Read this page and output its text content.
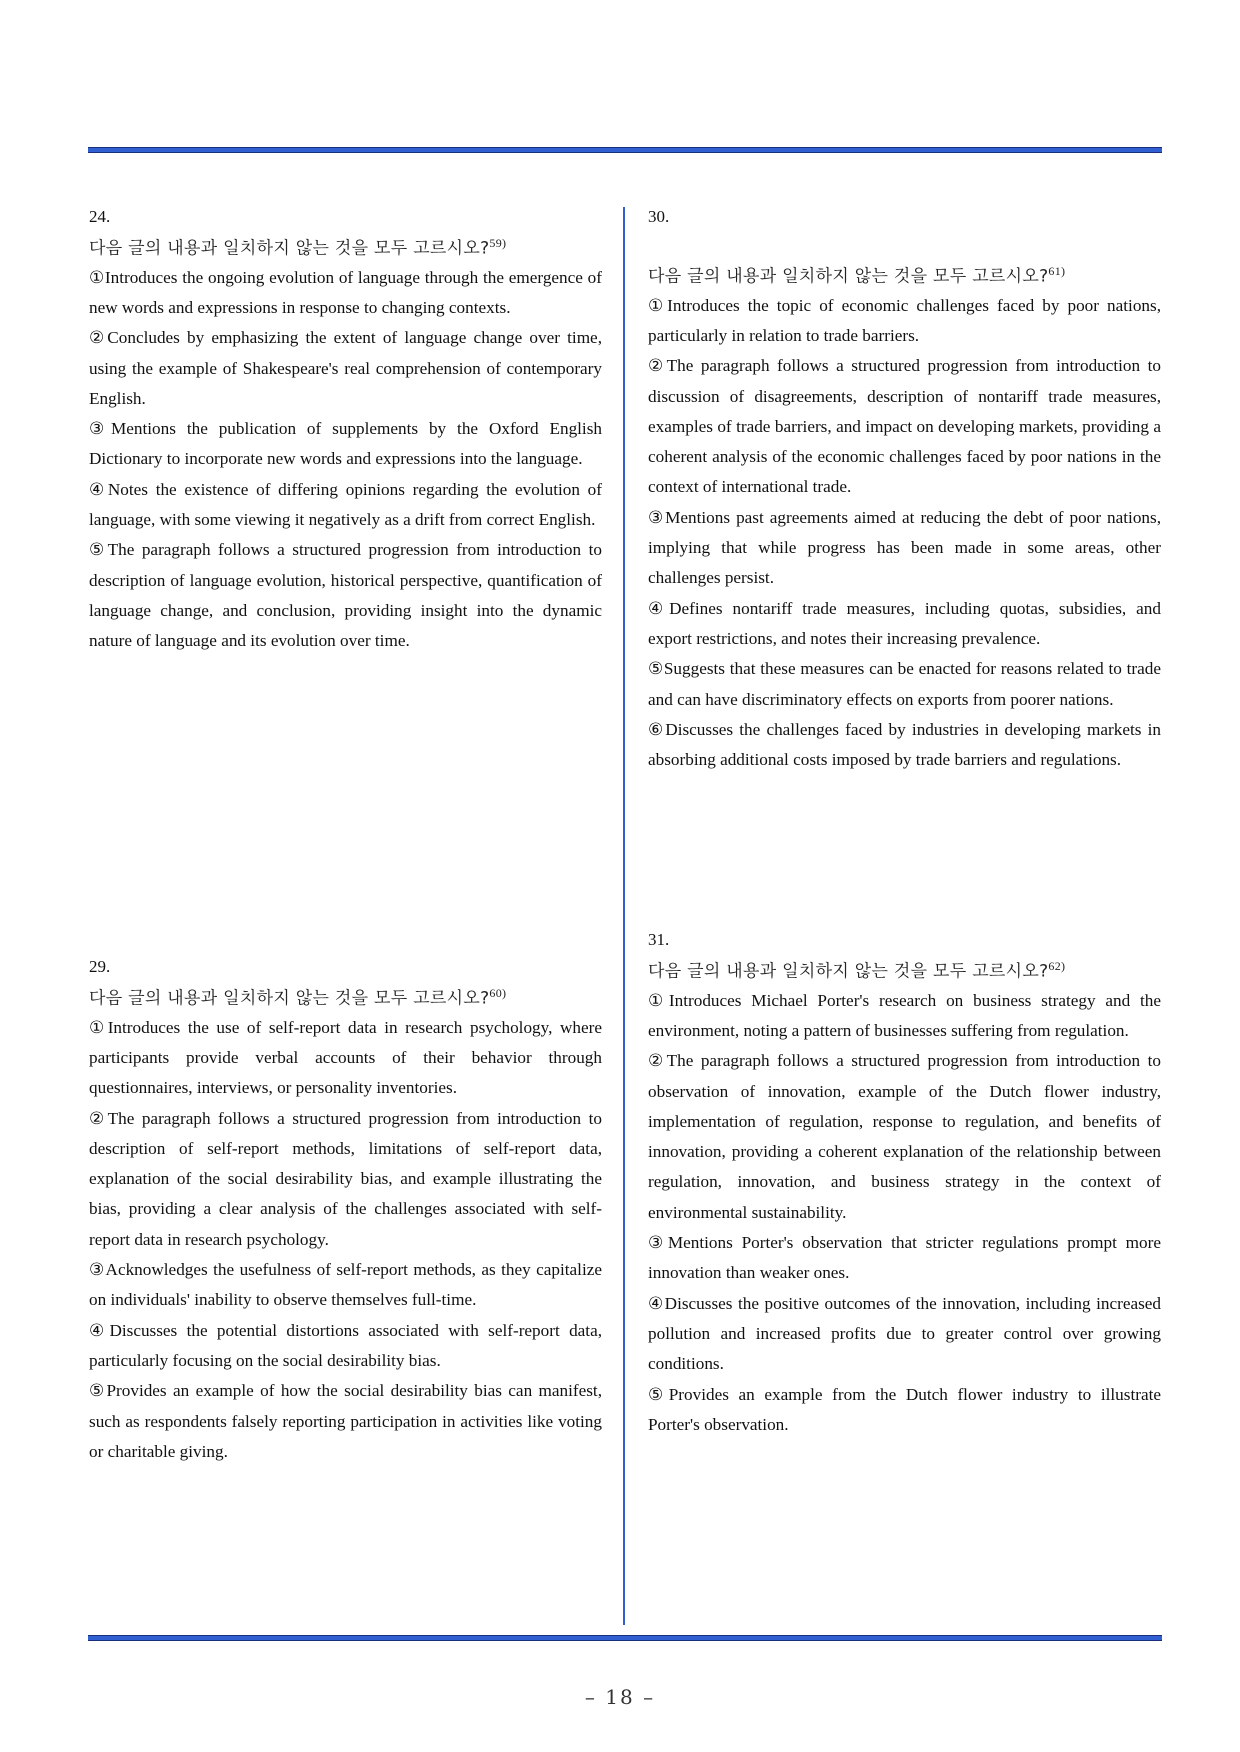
24.

다음 글의 내용과 일치하지 않는 것을 모두 고르시오?$^{59)}$

①Introduces the ongoing evolution of language through the emergence of new words and expressions in response to changing contexts.

②Concludes by emphasizing the extent of language change over time, using the example of Shakespeare's real comprehension of contemporary English.

③Mentions the publication of supplements by the Oxford English Dictionary to incorporate new words and expressions into the language.

④Notes the existence of differing opinions regarding the evolution of language, with some viewing it negatively as a drift from correct English.

⑤The paragraph follows a structured progression from introduction to description of language evolution, historical perspective, quantification of language change, and conclusion, providing insight into the dynamic nature of language and its evolution over time.

29.

다음 글의 내용과 일치하지 않는 것을 모두 고르시오?$^{60)}$

①Introduces the use of self-report data in research psychology, where participants provide verbal accounts of their behavior through questionnaires, interviews, or personality inventories.

②The paragraph follows a structured progression from introduction to description of self-report methods, limitations of self-report data, explanation of the social desirability bias, and example illustrating the bias, providing a clear analysis of the challenges associated with self-report data in research psychology.

③Acknowledges the usefulness of self-report methods, as they capitalize on individuals' inability to observe themselves full-time.

④Discusses the potential distortions associated with self-report data, particularly focusing on the social desirability bias.

⑤Provides an example of how the social desirability bias can manifest, such as respondents falsely reporting participation in activities like voting or charitable giving.

30.

다음 글의 내용과 일치하지 않는 것을 모두 고르시오?$^{61)}$

①Introduces the topic of economic challenges faced by poor nations, particularly in relation to trade barriers.

②The paragraph follows a structured progression from introduction to discussion of disagreements, description of nontariff trade measures, examples of trade barriers, and impact on developing markets, providing a coherent analysis of the economic challenges faced by poor nations in the context of international trade.

③Mentions past agreements aimed at reducing the debt of poor nations, implying that while progress has been made in some areas, other challenges persist.

④Defines nontariff trade measures, including quotas, subsidies, and export restrictions, and notes their increasing prevalence.

⑤Suggests that these measures can be enacted for reasons related to trade and can have discriminatory effects on exports from poorer nations.

⑥Discusses the challenges faced by industries in developing markets in absorbing additional costs imposed by trade barriers and regulations.

31.

다음 글의 내용과 일치하지 않는 것을 모두 고르시오?$^{62)}$

①Introduces Michael Porter's research on business strategy and the environment, noting a pattern of businesses suffering from regulation.

②The paragraph follows a structured progression from introduction to observation of innovation, example of the Dutch flower industry, implementation of regulation, response to regulation, and benefits of innovation, providing a coherent explanation of the relationship between regulation, innovation, and business strategy in the context of environmental sustainability.

③Mentions Porter's observation that stricter regulations prompt more innovation than weaker ones.

④Discusses the positive outcomes of the innovation, including increased pollution and increased profits due to greater control over growing conditions.

⑤Provides an example from the Dutch flower industry to illustrate Porter's observation.

– 18 –
